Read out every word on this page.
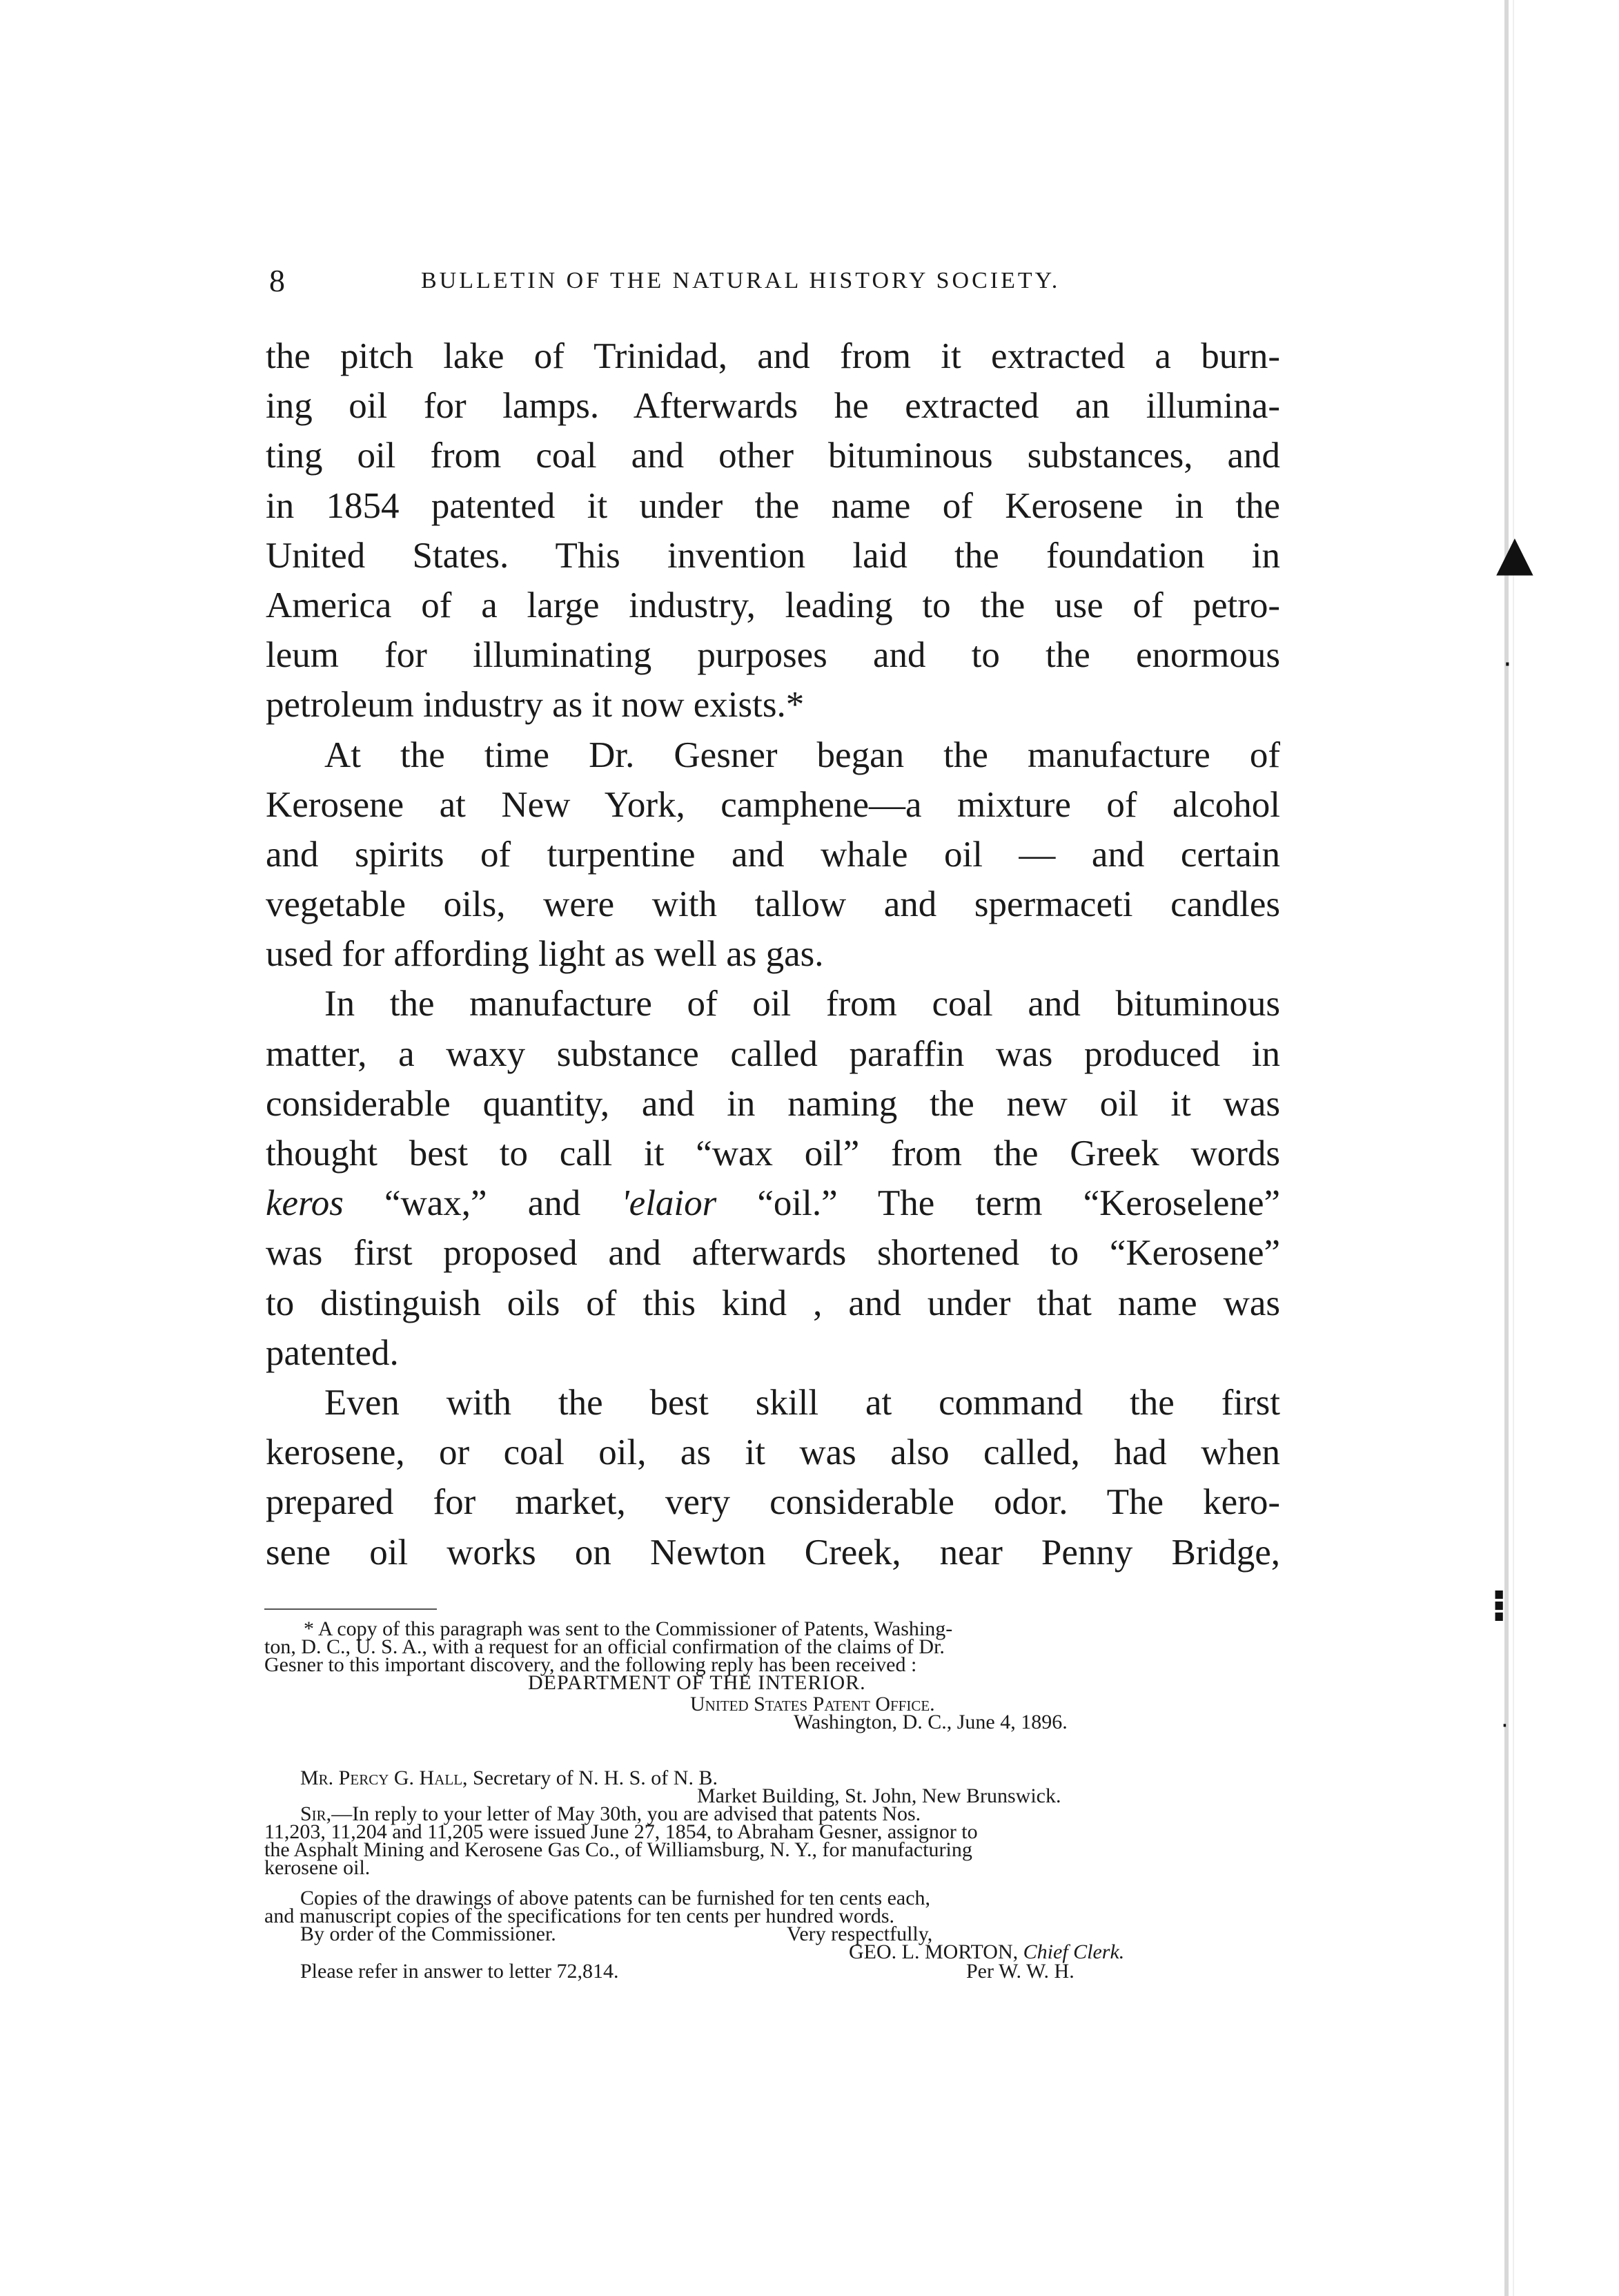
▲
·
⁝
·
8	BULLETIN OF THE NATURAL HISTORY SOCIETY.
the pitch lake of Trinidad, and from it extracted a burn-
ing oil for lamps. Afterwards he extracted an illumina-
ting oil from coal and other bituminous substances, and
in 1854 patented it under the name of Kerosene in the
United States. This invention laid the foundation in
America of a large industry, leading to the use of petro-
leum for illuminating purposes and to the enormous
petroleum industry as it now exists.*
At the time Dr. Gesner began the manufacture of
Kerosene at New York, camphene—a mixture of alcohol
and spirits of turpentine and whale oil — and certain
vegetable oils, were with tallow and spermaceti candles
used for affording light as well as gas.
In the manufacture of oil from coal and bituminous
matter, a waxy substance called paraffin was produced in
considerable quantity, and in naming the new oil it was
thought best to call it “wax oil” from the Greek words
keros “wax,” and 'elaior “oil.” The term “Keroselene”
was first proposed and afterwards shortened to “Kerosene”
to distinguish oils of this kind , and under that name was
patented.
Even with the best skill at command the first
kerosene, or coal oil, as it was also called, had when
prepared for market, very considerable odor. The kero-
sene oil works on Newton Creek, near Penny Bridge,
* A copy of this paragraph was sent to the Commissioner of Patents, Washing-
ton, D. C., U. S. A., with a request for an official confirmation of the claims of Dr.
Gesner to this important discovery, and the following reply has been received :
DEPARTMENT OF THE INTERIOR.
United States Patent Office.
Washington, D. C., June 4, 1896.
Mr. Percy G. Hall, Secretary of N. H. S. of N. B.
Market Building, St. John, New Brunswick.
Sir,—In reply to your letter of May 30th, you are advised that patents Nos.
11,203, 11,204 and 11,205 were issued June 27, 1854, to Abraham Gesner, assignor to
the Asphalt Mining and Kerosene Gas Co., of Williamsburg, N. Y., for manufacturing
kerosene oil.
Copies of the drawings of above patents can be furnished for ten cents each,
and manuscript copies of the specifications for ten cents per hundred words.
By order of the Commissioner.	Very respectfully,
GEO. L. MORTON, Chief Clerk.
Please refer in answer to letter 72,814.	Per W. W. H.
